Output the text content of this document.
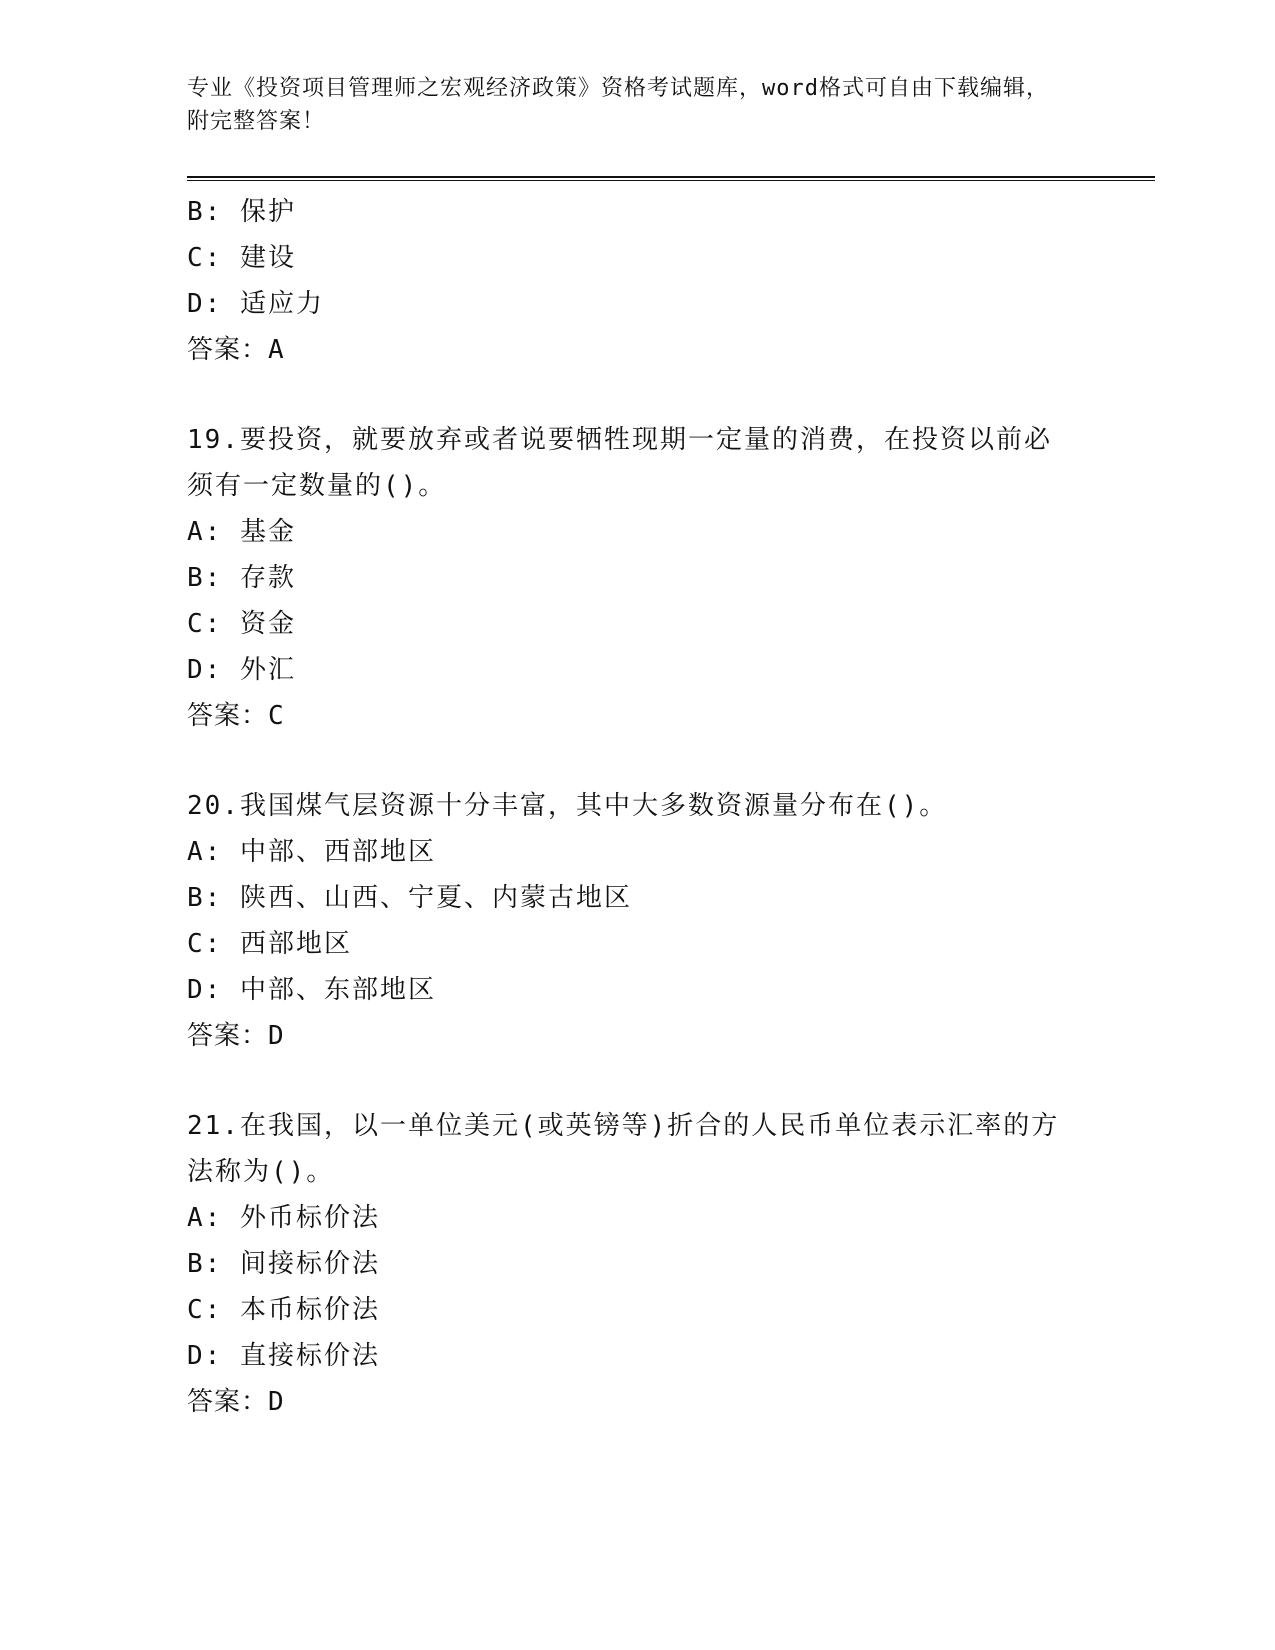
专业《投资项目管理师之宏观经济政策》资格考试题库，word格式可自由下载编辑，附完整答案！
B: 保护
C: 建设
D: 适应力
答案：A
19.要投资，就要放弃或者说要牺牲现期一定量的消费，在投资以前必须有一定数量的()。
A: 基金
B: 存款
C: 资金
D: 外汇
答案：C
20.我国煤气层资源十分丰富，其中大多数资源量分布在()。
A: 中部、西部地区
B: 陕西、山西、宁夏、内蒙古地区
C: 西部地区
D: 中部、东部地区
答案：D
21.在我国，以一单位美元(或英镑等)折合的人民币单位表示汇率的方法称为()。
A: 外币标价法
B: 间接标价法
C: 本币标价法
D: 直接标价法
答案：D
